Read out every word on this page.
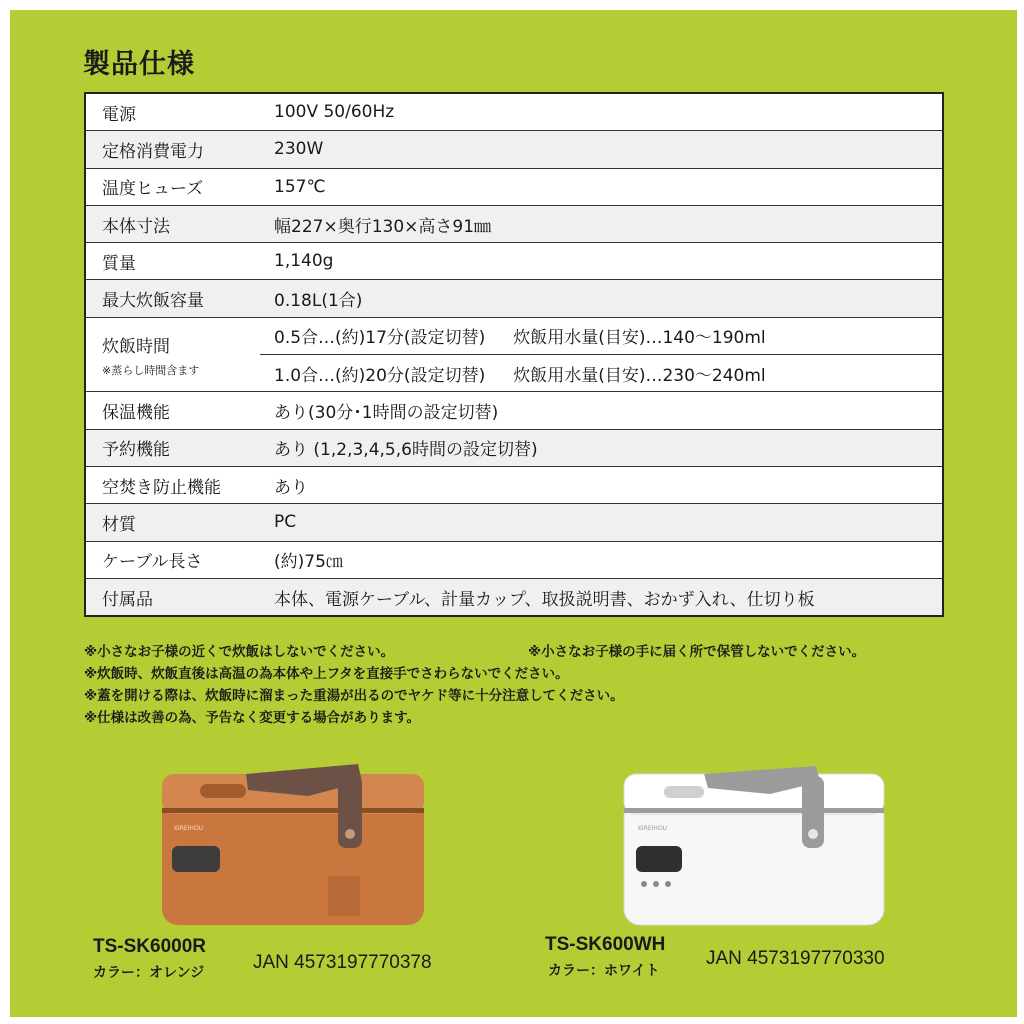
製品仕様
電源	100V 50/60Hz
定格消費電力	230W
温度ヒューズ	157℃
本体寸法	幅227×奥行130×高さ91㎜
質量	1,140g
最大炊飯容量	0.18L(1合)
炊飯時間
※蒸らし時間含ます	0.5合…(約)17分(設定切替) 炊飯用水量(目安)…140～190ml

	1.0合…(約)20分(設定切替) 炊飯用水量(目安)…230～240ml

保温機能	あり(30分･1時間の設定切替)
予約機能	あり (1,2,3,4,5,6時間の設定切替)
空焚き防止機能	あり
材質	PC
ケーブル長さ	(約)75㎝
付属品	本体、電源ケーブル、計量カップ、取扱説明書、おかず入れ、仕切り板
※小さなお子様の近くで炊飯はしないでください。	※小さなお子様の手に届く所で保管しないでください。
※炊飯時、炊飯直後は高温の為本体や上フタを直接手でさわらないでください。
※蓋を開ける際は、炊飯時に溜まった重湯が出るのでヤケド等に十分注意してください。
※仕様は改善の為、予告なく変更する場合があります。
KIREIHOU
TS-SK6000R
カラー：オレンジ	JAN 4573197770378
KIREIHOU
TS-SK600WH
カラー：ホワイト
JAN 4573197770330
